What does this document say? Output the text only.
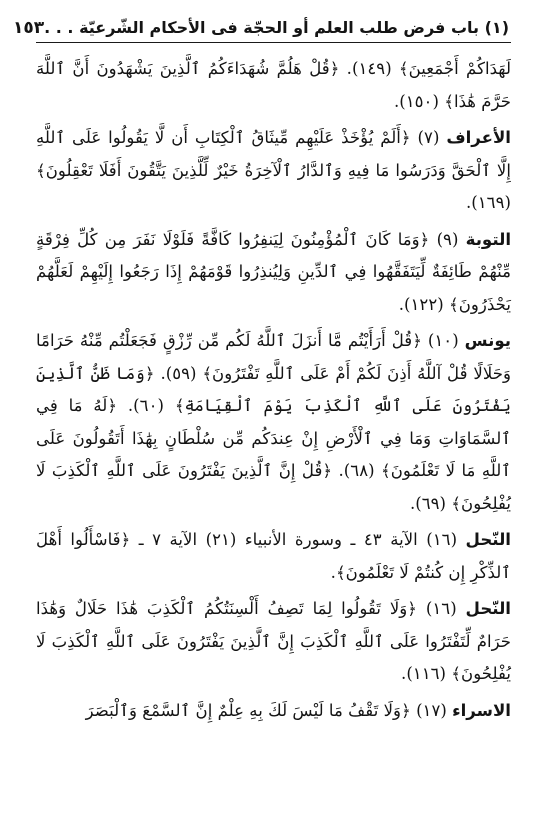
(١) باب فرض طلب العلم أو الحجّة فى الأحكام الشّرعيّة . . .
١٥٣

لَهَدَاكُمْ أَجْمَعِينَ﴾ (١٤٩). ﴿قُلْ هَلُمَّ شُهَدَاءَكُمُ ٱلَّذِينَ يَشْهَدُونَ أَنَّ ٱللَّهَ حَرَّمَ هَٰذَا﴾ (١٥٠).

الأعراف (٧) ﴿أَلَمْ يُؤْخَذْ عَلَيْهِم مِّيثَاقُ ٱلْكِتَابِ أَن لَّا يَقُولُوا عَلَى ٱللَّهِ إِلَّا ٱلْحَقَّ وَدَرَسُوا مَا فِيهِ وَٱلدَّارُ ٱلْآخِرَةُ خَيْرٌ لِّلَّذِينَ يَتَّقُونَ أَفَلَا تَعْقِلُونَ﴾ (١٦٩).

التوبة (٩) ﴿وَمَا كَانَ ٱلْمُؤْمِنُونَ لِيَنفِرُوا كَافَّةً فَلَوْلَا نَفَرَ مِن كُلِّ فِرْقَةٍ مِّنْهُمْ طَائِفَةٌ لِّيَتَفَقَّهُوا فِي ٱلدِّينِ وَلِيُنذِرُوا قَوْمَهُمْ إِذَا رَجَعُوا إِلَيْهِمْ لَعَلَّهُمْ يَحْذَرُونَ﴾ (١٢٢).

يونس (١٠) ﴿قُلْ أَرَأَيْتُم مَّا أَنزَلَ ٱللَّهُ لَكُم مِّن رِّزْقٍ فَجَعَلْتُم مِّنْهُ حَرَامًا وَحَلَالًا قُلْ آللَّهُ أَذِنَ لَكُمْ أَمْ عَلَى ٱللَّهِ تَفْتَرُونَ﴾ (٥٩). ﴿وَمَا ظَنُّ ٱلَّذِينَ يَفْتَرُونَ عَلَى ٱللَّهِ ٱلْكَذِبَ يَوْمَ ٱلْقِيَامَةِ﴾ (٦٠). ﴿لَهُ مَا فِي ٱلسَّمَاوَاتِ وَمَا فِي ٱلْأَرْضِ إِنْ عِندَكُم مِّن سُلْطَانٍ بِهَٰذَا أَتَقُولُونَ عَلَى ٱللَّهِ مَا لَا تَعْلَمُونَ﴾ (٦٨). ﴿قُلْ إِنَّ ٱلَّذِينَ يَفْتَرُونَ عَلَى ٱللَّهِ ٱلْكَذِبَ لَا يُفْلِحُونَ﴾ (٦٩).

النّحل (١٦) الآية ٤٣ ـ وسورة الأنبياء (٢١) الآية ٧ ـ ﴿فَاسْأَلُوا أَهْلَ ٱلذِّكْرِ إِن كُنتُمْ لَا تَعْلَمُونَ﴾.

النّحل (١٦) ﴿وَلَا تَقُولُوا لِمَا تَصِفُ أَلْسِنَتُكُمُ ٱلْكَذِبَ هَٰذَا حَلَالٌ وَهَٰذَا حَرَامٌ لِّتَفْتَرُوا عَلَى ٱللَّهِ ٱلْكَذِبَ إِنَّ ٱلَّذِينَ يَفْتَرُونَ عَلَى ٱللَّهِ ٱلْكَذِبَ لَا يُفْلِحُونَ﴾ (١١٦).

الاسراء (١٧) ﴿وَلَا تَقْفُ مَا لَيْسَ لَكَ بِهِ عِلْمٌ إِنَّ ٱلسَّمْعَ وَٱلْبَصَرَ
